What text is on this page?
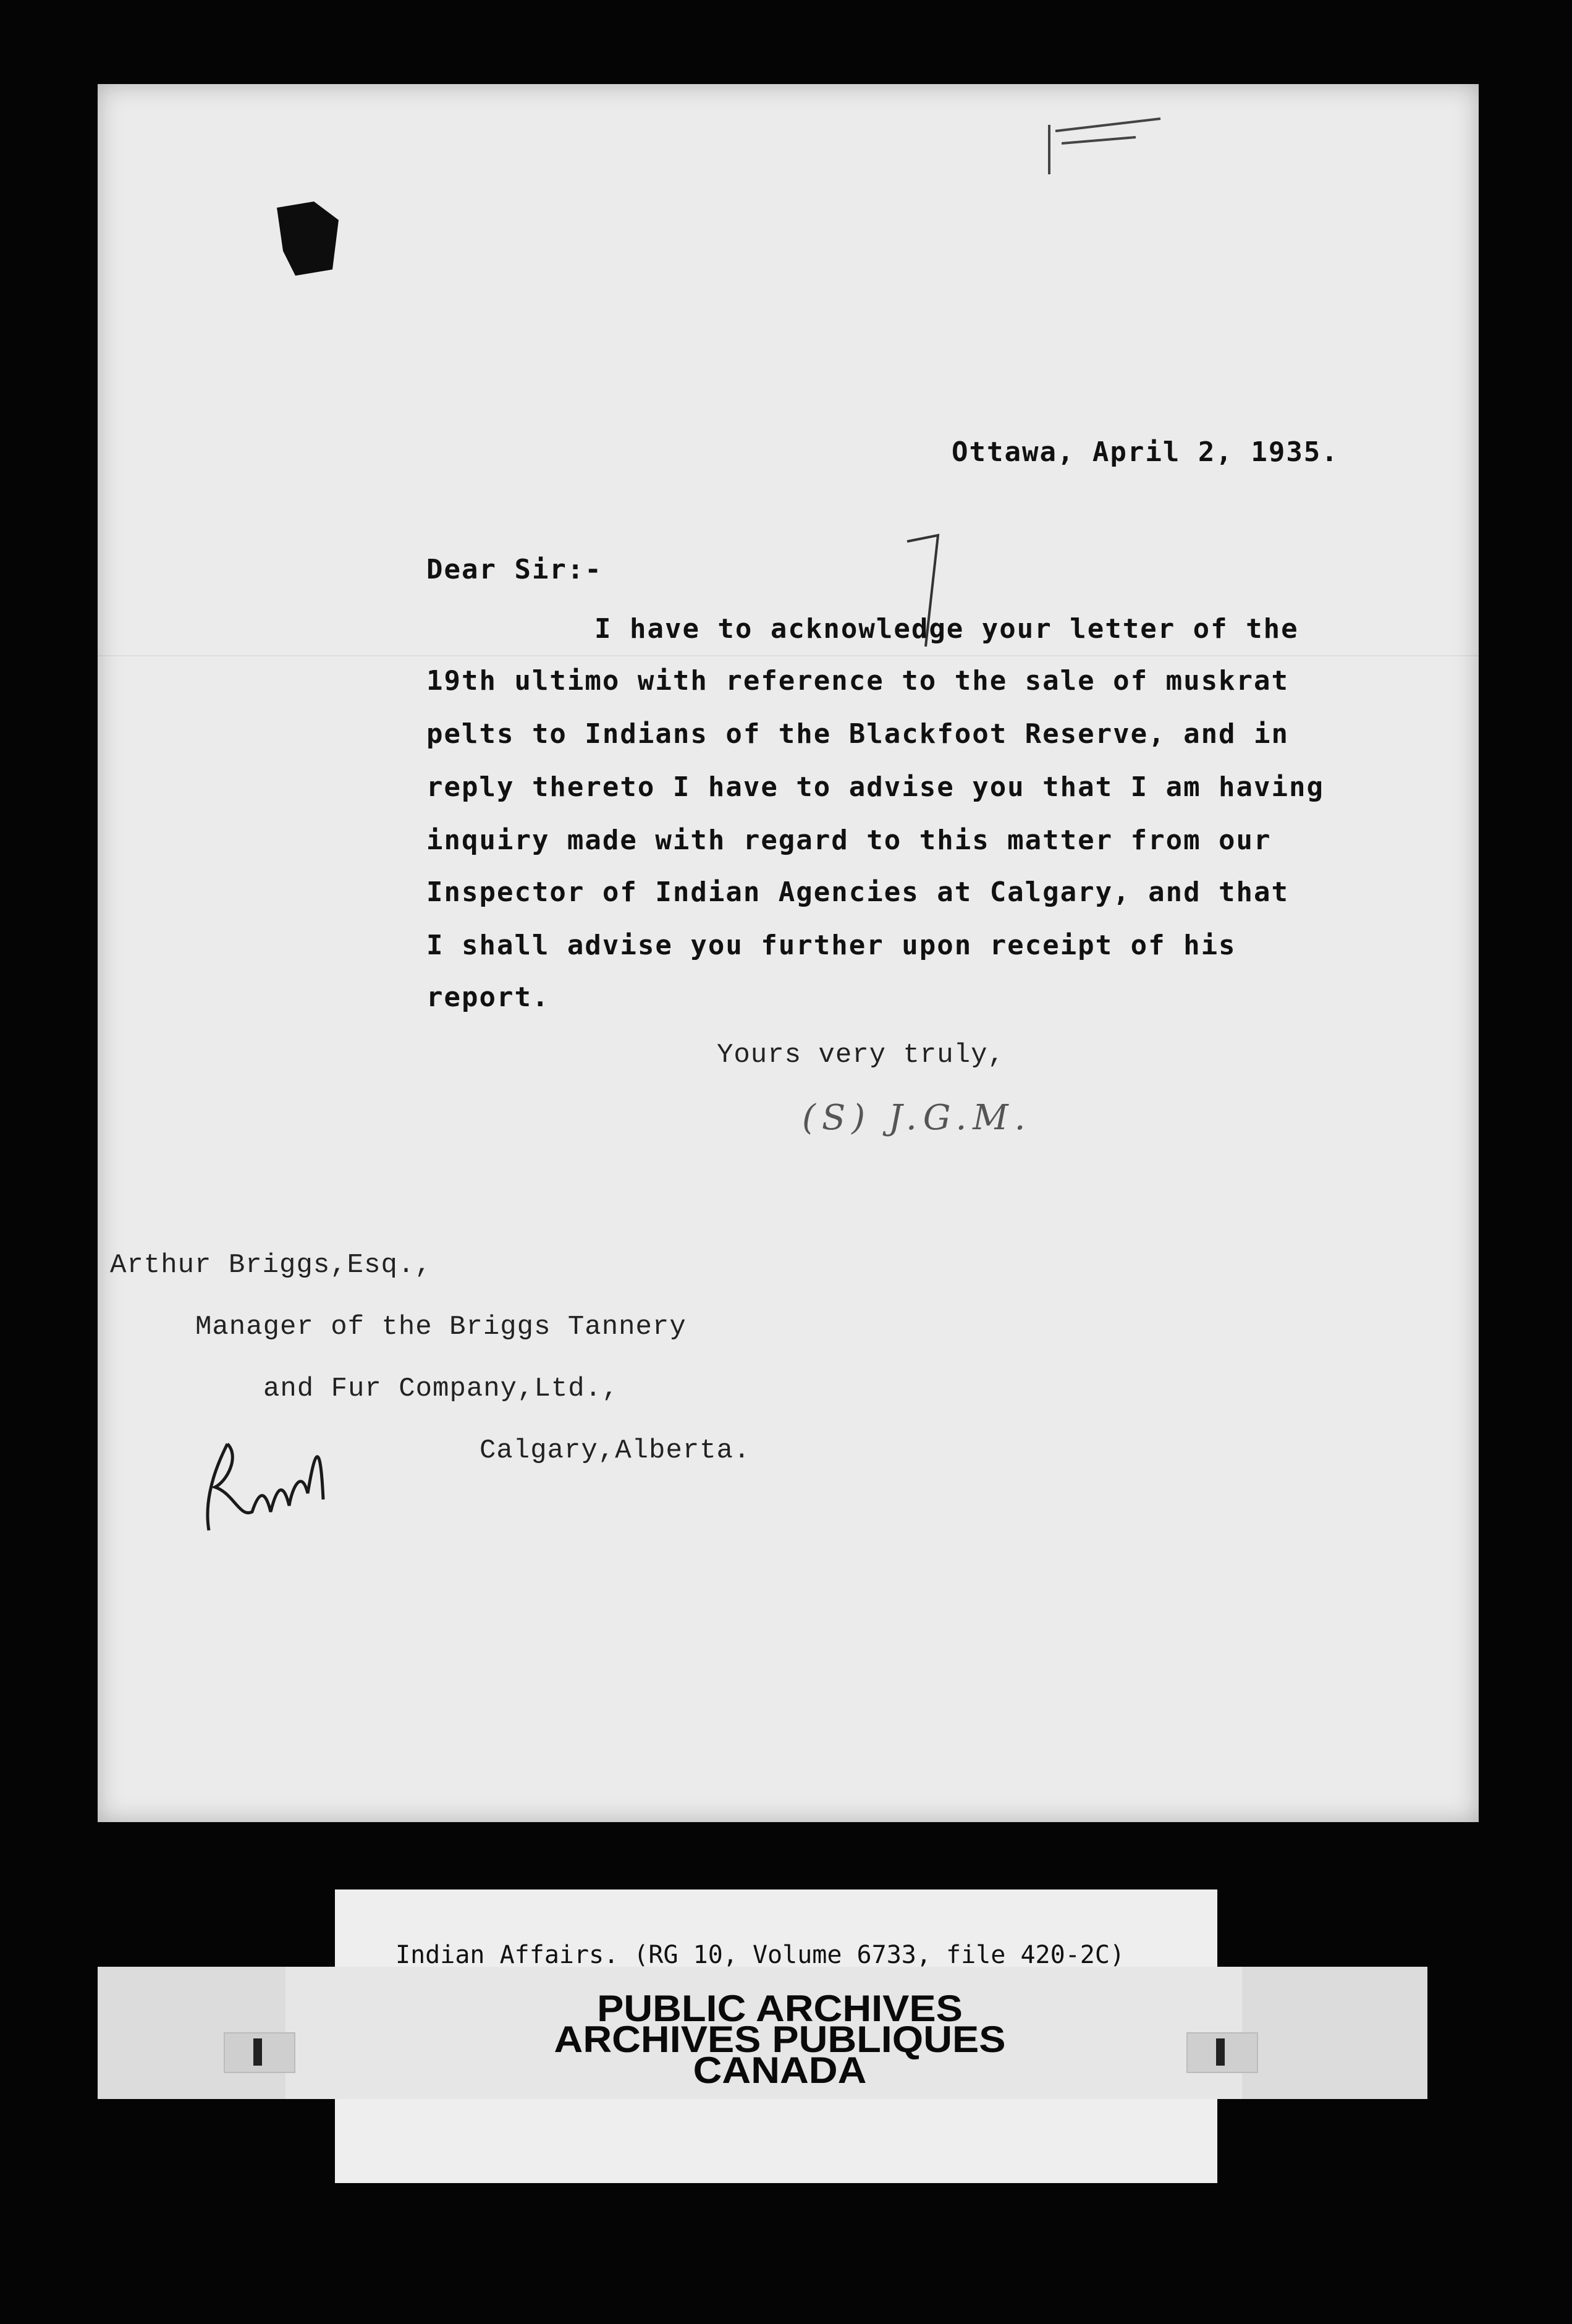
Ottawa, April 2, 1935.
Dear Sir:-
I have to acknowledge your letter of the
19th ultimo with reference to the sale of muskrat
pelts to Indians of the Blackfoot Reserve, and in
reply thereto I have to advise you that I am having
inquiry made with regard to this matter from our
Inspector of Indian Agencies at Calgary, and that
I shall advise you further upon receipt of his
report.
Yours very truly,
(S) J.G.M.
Arthur Briggs,Esq.,
Manager of the Briggs Tannery
and Fur Company,Ltd.,
Calgary,Alberta.
Indian Affairs. (RG 10, Volume 6733, file 420-2C)
PUBLIC ARCHIVES
ARCHIVES PUBLIQUES
CANADA
